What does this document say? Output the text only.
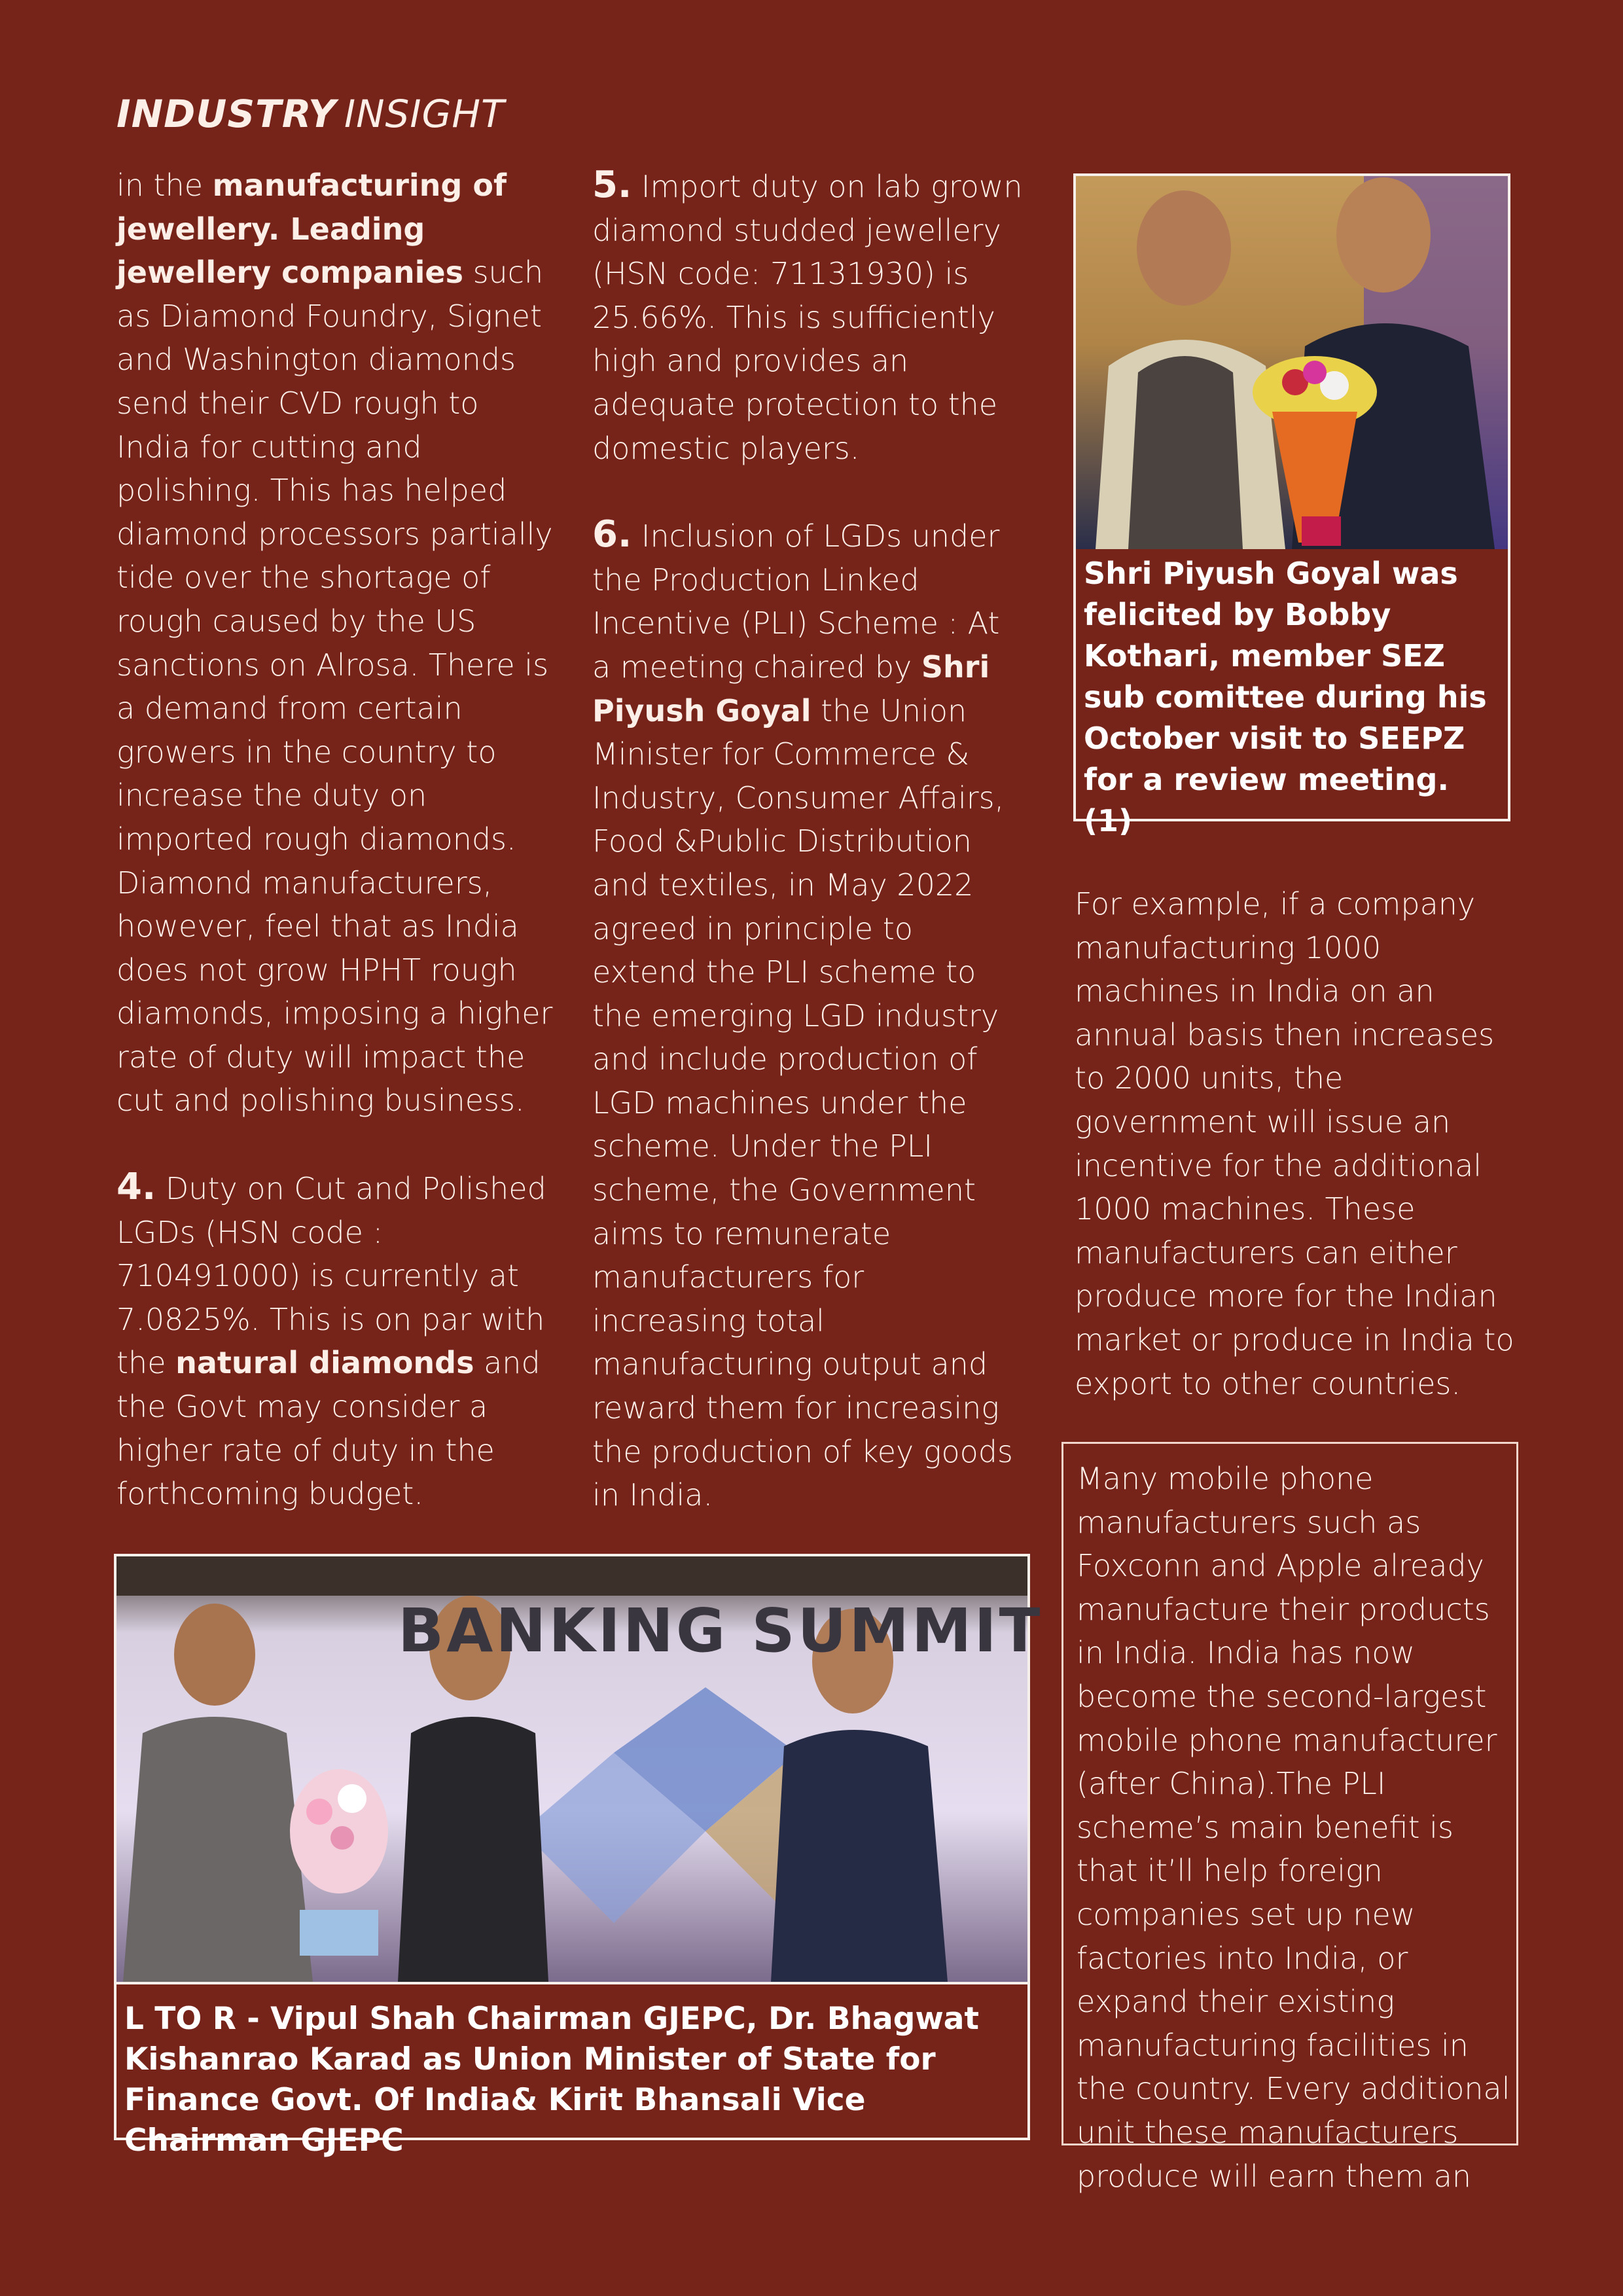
INDUSTRY INSIGHT

in the manufacturing of jewellery. Leading jewellery companies such as Diamond Foundry, Signet and Washington diamonds send their CVD rough to India for cutting and polishing. This has helped diamond processors partially tide over the shortage of rough caused by the US sanctions on Alrosa. There is a demand from certain growers in the country to increase the duty on imported rough diamonds. Diamond manufacturers, however, feel that as India does not grow HPHT rough diamonds, imposing a higher rate of duty will impact the cut and polishing business.

4. Duty on Cut and Polished LGDs (HSN code : 710491000) is currently at 7.0825%. This is on par with the natural diamonds and the Govt may consider a higher rate of duty in the forthcoming budget.

5. Import duty on lab grown diamond studded jewellery (HSN code: 71131930) is 25.66%. This is sufficiently high and provides an adequate protection to the domestic players.

6. Inclusion of LGDs under the Production Linked Incentive (PLI) Scheme : At a meeting chaired by Shri Piyush Goyal the Union Minister for Commerce & Industry, Consumer Affairs, Food &Public Distribution and textiles, in May 2022 agreed in principle to extend the PLI scheme to the emerging LGD industry and include production of LGD machines under the scheme. Under the PLI scheme, the Government aims to remunerate manufacturers for increasing total manufacturing output and reward them for increasing the production of key goods in India.

Shri Piyush Goyal was felicited by Bobby Kothari, member SEZ sub comittee during his October visit to SEEPZ for a review meeting. (1)

For example, if a company manufacturing 1000 machines in India on an annual basis then increases to 2000 units, the government will issue an incentive for the additional 1000 machines. These manufacturers can either produce more for the Indian market or produce in India to export to other countries.

Many mobile phone manufacturers such as Foxconn and Apple already manufacture their products in India. India has now become the second-largest mobile phone manufacturer (after China).The PLI scheme’s main benefit is that it’ll help foreign companies set up new factories into India, or expand their existing manufacturing facilities in the country. Every additional unit these manufacturers produce will earn them an

BANKING SUMMIT
L TO R - Vipul Shah Chairman GJEPC, Dr. Bhagwat Kishanrao Karad as Union Minister of State for Finance Govt. Of India& Kirit Bhansali Vice Chairman GJEPC
